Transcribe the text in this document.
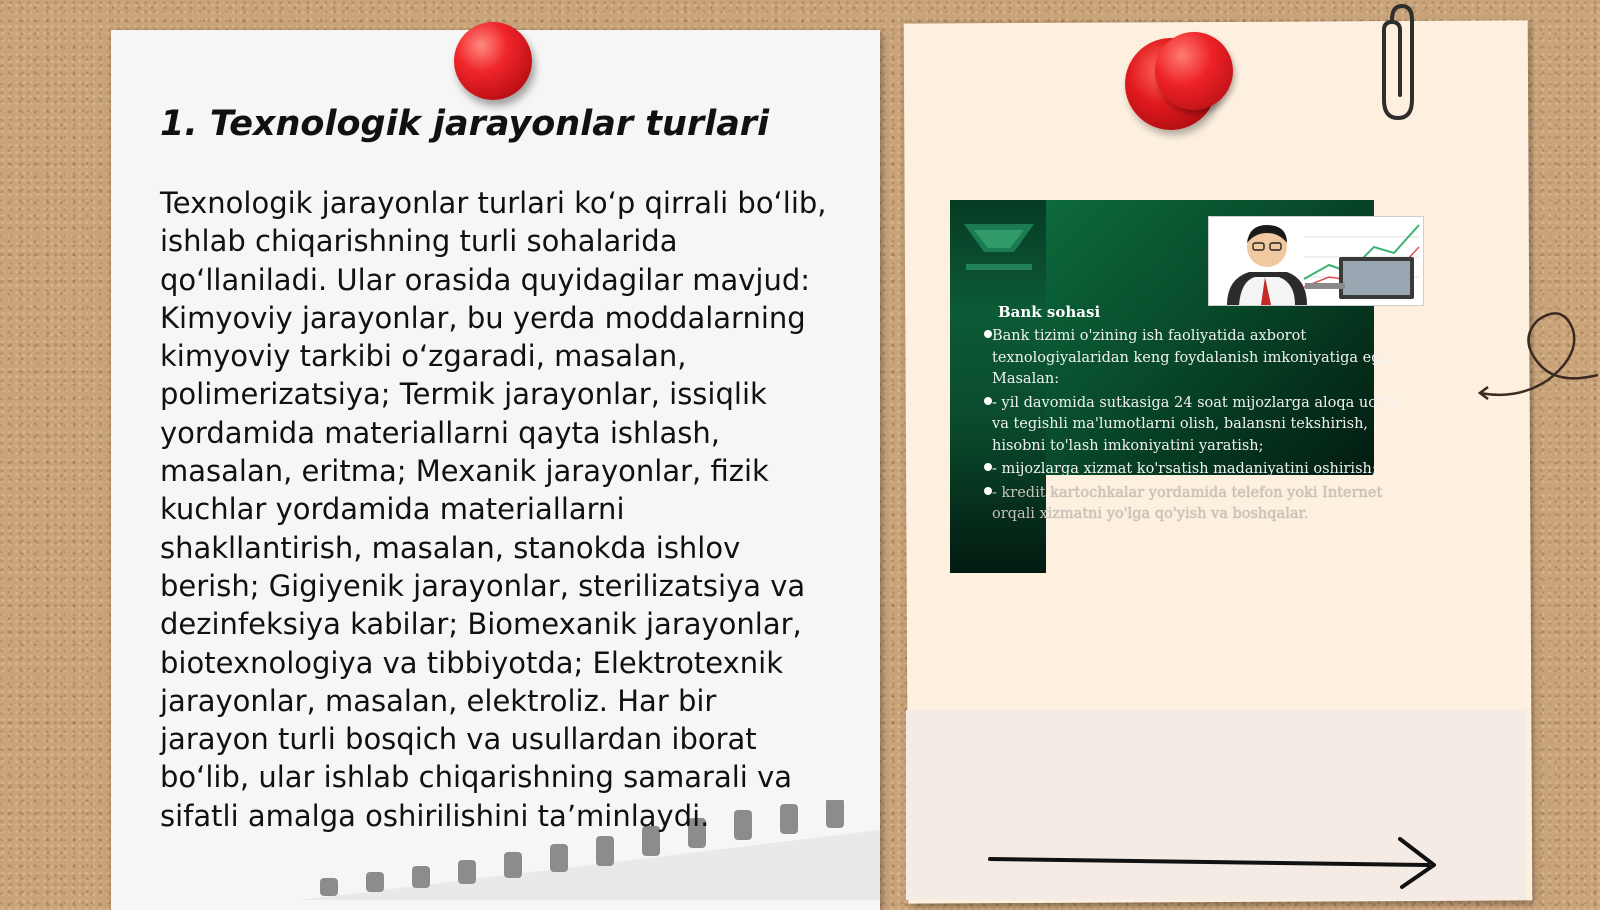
1. Texnologik jarayonlar turlari

Texnologik jarayonlar turlari ko‘p qirrali bo‘lib, ishlab chiqarishning turli sohalarida qo‘llaniladi. Ular orasida quyidagilar mavjud: Kimyoviy jarayonlar, bu yerda moddalarning kimyoviy tarkibi o‘zgaradi, masalan, polimerizatsiya; Termik jarayonlar, issiqlik yordamida materiallarni qayta ishlash, masalan, eritma; Mexanik jarayonlar, fizik kuchlar yordamida materiallarni shakllantirish, masalan, stanokda ishlov berish; Gigiyenik jarayonlar, sterilizatsiya va dezinfeksiya kabilar; Biomexanik jarayonlar, biotexnologiya va tibbiyotda; Elektrotexnik jarayonlar, masalan, elektroliz. Har bir jarayon turli bosqich va usullardan iborat bo‘lib, ular ishlab chiqarishning samarali va sifatli amalga oshirilishini ta’minlaydi.

Bank sohasi
Bank tizimi o'zining ish faoliyatida axborot texnologiyalaridan keng foydalanish imkoniyatiga ega. Masalan:
- yil davomida sutkasiga 24 soat mijozlarga aloqa uchun va tegishli ma'lumotlarni olish, balansni tekshirish, hisobni to'lash imkoniyatini yaratish;
- mijozlarga xizmat ko'rsatish madaniyatini oshirish;
- kredit kartochkalar yordamida telefon yoki Internet orqali xizmatni yo'lga qo'yish va boshqalar.
